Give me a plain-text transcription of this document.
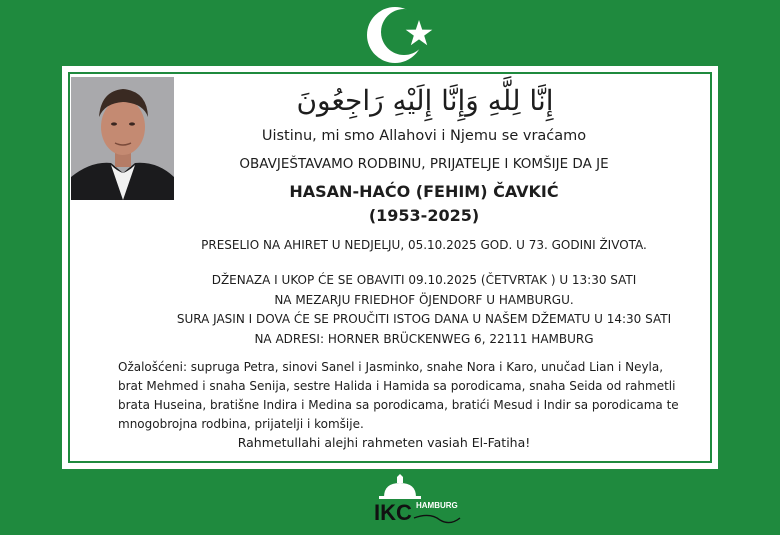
إِنَّا لِلَّهِ وَإِنَّا إِلَيْهِ رَاجِعُونَ
Uistinu, mi smo Allahovi i Njemu se vraćamo
OBAVJEŠTAVAMO RODBINU, PRIJATELJE I KOMŠIJE DA JE
HASAN-HAĆO (FEHIM) ČAVKIĆ
(1953-2025)
PRESELIO NA AHIRET U NEDJELJU, 05.10.2025 GOD. U 73. GODINI ŽIVOTA.
DŽENAZA I UKOP ĆE SE OBAVITI 09.10.2025 (ČETVRTAK ) U 13:30 SATI
NA MEZARJU FRIEDHOF ÖJENDORF U HAMBURGU.
SURA JASIN I DOVA ĆE SE PROUČITI ISTOG DANA U NAŠEM DŽEMATU U 14:30 SATI
NA ADRESI: HORNER BRÜCKENWEG 6, 22111 HAMBURG
Ožalošćeni: supruga Petra, sinovi Sanel i Jasminko, snahe Nora i Karo, unučad Lian i Neyla,
brat Mehmed i snaha Senija, sestre Halida i Hamida sa porodicama, snaha Seida od rahmetli
brata Huseina, bratišne Indira i Medina sa porodicama, bratići Mesud i Indir sa porodicama te
mnogobrojna rodbina, prijatelji i komšije.
Rahmetullahi alejhi rahmeten vasiah El-Fatiha!
IKC HAMBURG
